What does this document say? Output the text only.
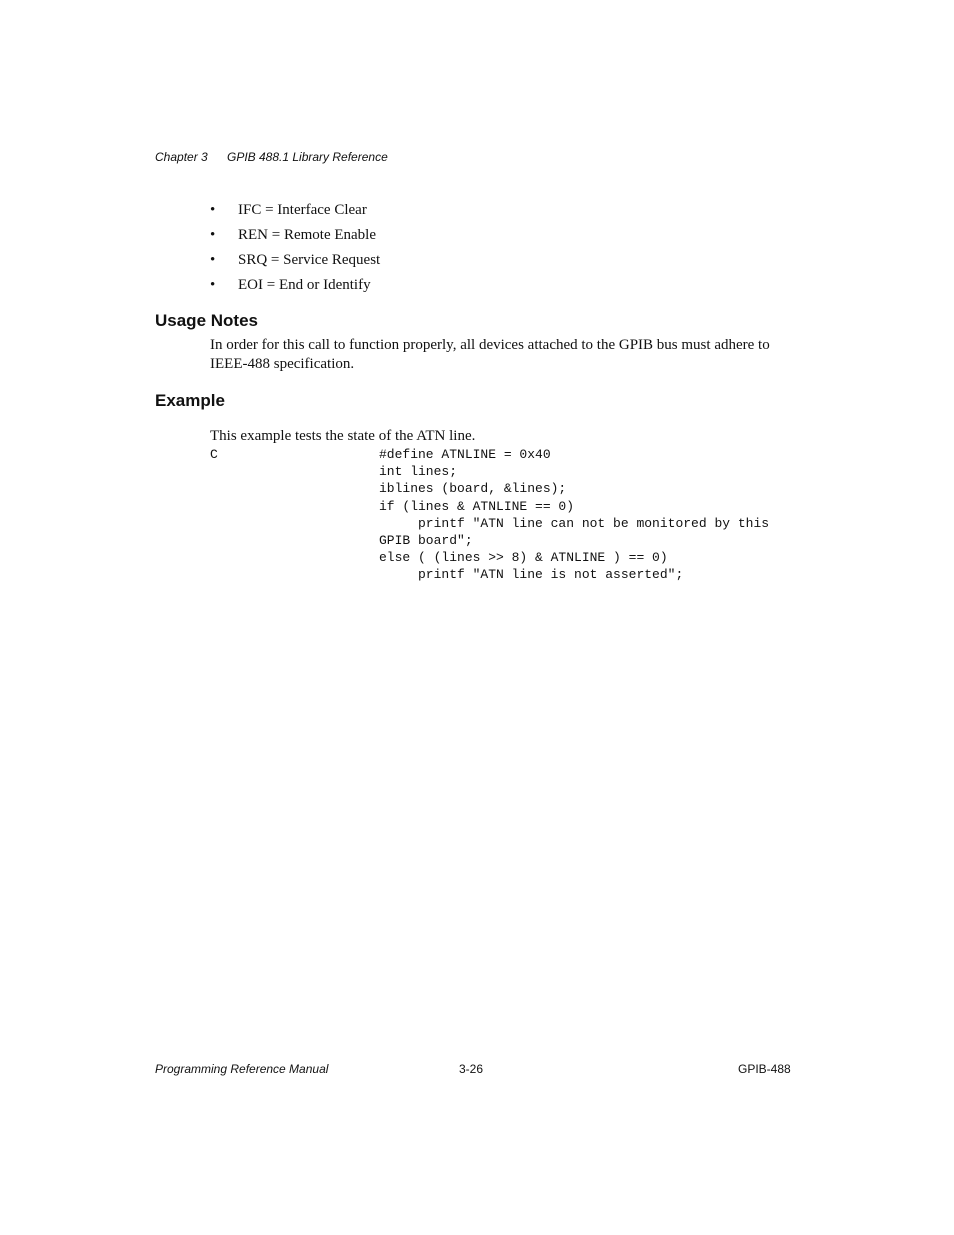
Chapter 3 GPIB 488.1 Library Reference
• IFC = Interface Clear
• REN = Remote Enable
• SRQ = Service Request
• EOI = End or Identify
Usage Notes
In order for this call to function properly, all devices attached to the GPIB bus must adhere to IEEE-488 specification.
Example
This example tests the state of the ATN line.
C	#define ATNLINE = 0x40
int lines;
iblines (board, &lines);
if (lines & ATNLINE == 0)
printf "ATN line can not be monitored by this
GPIB board";
else ( (lines >> 8) & ATNLINE ) == 0)
printf "ATN line is not asserted";
Programming Reference Manual	3-26	GPIB-488
